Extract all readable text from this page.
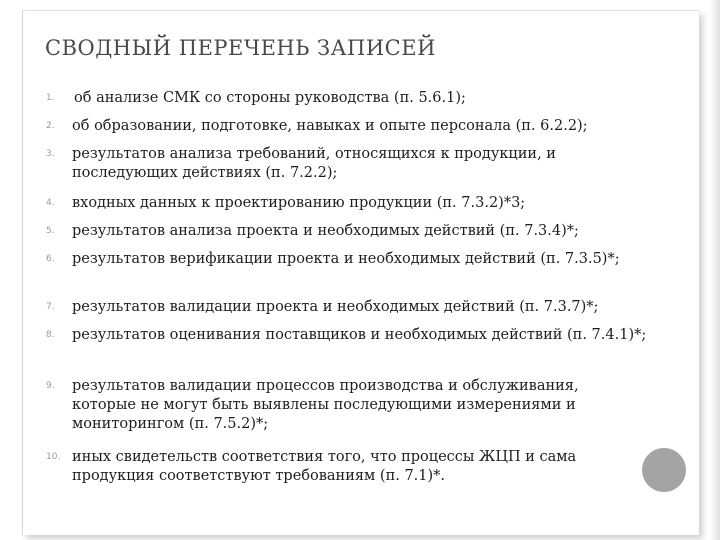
СВОДНЫЙ ПЕРЕЧЕНЬ ЗАПИСЕЙ
1. об анализе СМК со стороны руководства (п. 5.6.1);
2. об образовании, подготовке, навыках и опыте персонала (п. 6.2.2);
3. результатов анализа требований, относящихся к продукции, и последующих действиях (п. 7.2.2);
4. входных данных к проектированию продукции (п. 7.3.2)*3;
5. результатов анализа проекта и необходимых действий (п. 7.3.4)*;
6. результатов верификации проекта и необходимых действий (п. 7.3.5)*;
7. результатов валидации проекта и необходимых действий (п. 7.3.7)*;
8. результатов оценивания поставщиков и необходимых действий (п. 7.4.1)*;
9. результатов валидации процессов производства и обслуживания, которые не могут быть выявлены последующими измерениями и мониторингом (п. 7.5.2)*;
10. иных свидетельств соответствия того, что процессы ЖЦП и сама продукция соответствуют требованиям (п. 7.1)*.
